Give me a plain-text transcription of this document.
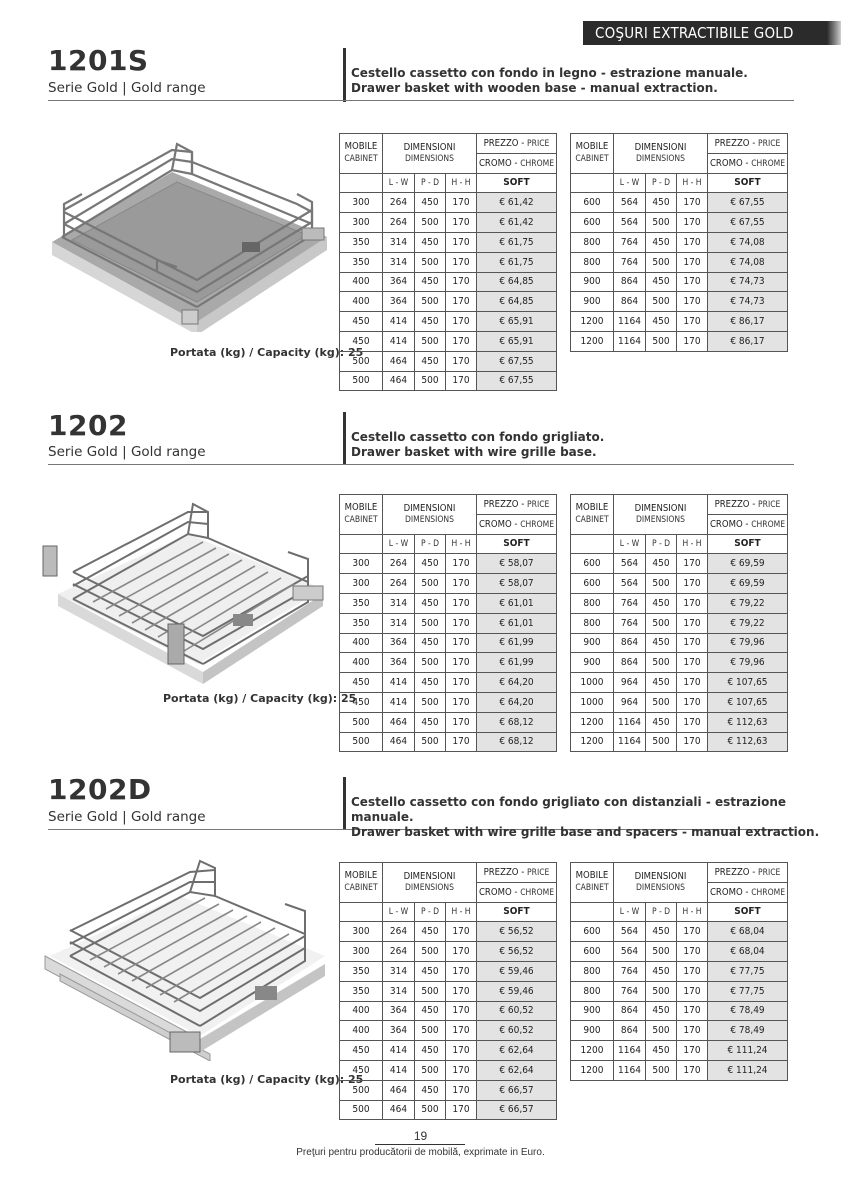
COŞURI EXTRACTIBILE GOLD
1201S
Serie Gold | Gold range
Cestello cassetto con fondo in legno - estrazione manuale.
Drawer basket with wooden base - manual extraction.
Portata (kg) / Capacity (kg): 25
MOBILE
CABINET	DIMENSIONI
DIMENSIONS			PREZZO - PRICE
				CROMO - CHROME
	L - W	P - D	H - H	SOFT
300	264	450	170	€ 61,42
300	264	500	170	€ 61,42
350	314	450	170	€ 61,75
350	314	500	170	€ 61,75
400	364	450	170	€ 64,85
400	364	500	170	€ 64,85
450	414	450	170	€ 65,91
450	414	500	170	€ 65,91
500	464	450	170	€ 67,55
500	464	500	170	€ 67,55
MOBILE
CABINET	DIMENSIONI
DIMENSIONS			PREZZO - PRICE
				CROMO - CHROME
	L - W	P - D	H - H	SOFT
600	564	450	170	€ 67,55
600	564	500	170	€ 67,55
800	764	450	170	€ 74,08
800	764	500	170	€ 74,08
900	864	450	170	€ 74,73
900	864	500	170	€ 74,73
1200	1164	450	170	€ 86,17
1200	1164	500	170	€ 86,17
1202
Serie Gold | Gold range
Cestello cassetto con fondo grigliato.
Drawer basket with wire grille base.
Portata (kg) / Capacity (kg): 25
MOBILE
CABINET	DIMENSIONI
DIMENSIONS			PREZZO - PRICE
				CROMO - CHROME
	L - W	P - D	H - H	SOFT
300	264	450	170	€ 58,07
300	264	500	170	€ 58,07
350	314	450	170	€ 61,01
350	314	500	170	€ 61,01
400	364	450	170	€ 61,99
400	364	500	170	€ 61,99
450	414	450	170	€ 64,20
450	414	500	170	€ 64,20
500	464	450	170	€ 68,12
500	464	500	170	€ 68,12
MOBILE
CABINET	DIMENSIONI
DIMENSIONS			PREZZO - PRICE
				CROMO - CHROME
	L - W	P - D	H - H	SOFT
600	564	450	170	€ 69,59
600	564	500	170	€ 69,59
800	764	450	170	€ 79,22
800	764	500	170	€ 79,22
900	864	450	170	€ 79,96
900	864	500	170	€ 79,96
1000	964	450	170	€ 107,65
1000	964	500	170	€ 107,65
1200	1164	450	170	€ 112,63
1200	1164	500	170	€ 112,63
1202D
Serie Gold | Gold range
Cestello cassetto con fondo grigliato con distanziali - estrazione manuale.
Drawer basket with wire grille base and spacers - manual extraction.
Portata (kg) / Capacity (kg): 25
MOBILE
CABINET	DIMENSIONI
DIMENSIONS			PREZZO - PRICE
				CROMO - CHROME
	L - W	P - D	H - H	SOFT
300	264	450	170	€ 56,52
300	264	500	170	€ 56,52
350	314	450	170	€ 59,46
350	314	500	170	€ 59,46
400	364	450	170	€ 60,52
400	364	500	170	€ 60,52
450	414	450	170	€ 62,64
450	414	500	170	€ 62,64
500	464	450	170	€ 66,57
500	464	500	170	€ 66,57
MOBILE
CABINET	DIMENSIONI
DIMENSIONS			PREZZO - PRICE
				CROMO - CHROME
	L - W	P - D	H - H	SOFT
600	564	450	170	€ 68,04
600	564	500	170	€ 68,04
800	764	450	170	€ 77,75
800	764	500	170	€ 77,75
900	864	450	170	€ 78,49
900	864	500	170	€ 78,49
1200	1164	450	170	€ 111,24
1200	1164	500	170	€ 111,24
19
Preţuri pentru producătorii de mobilă, exprimate in Euro.
